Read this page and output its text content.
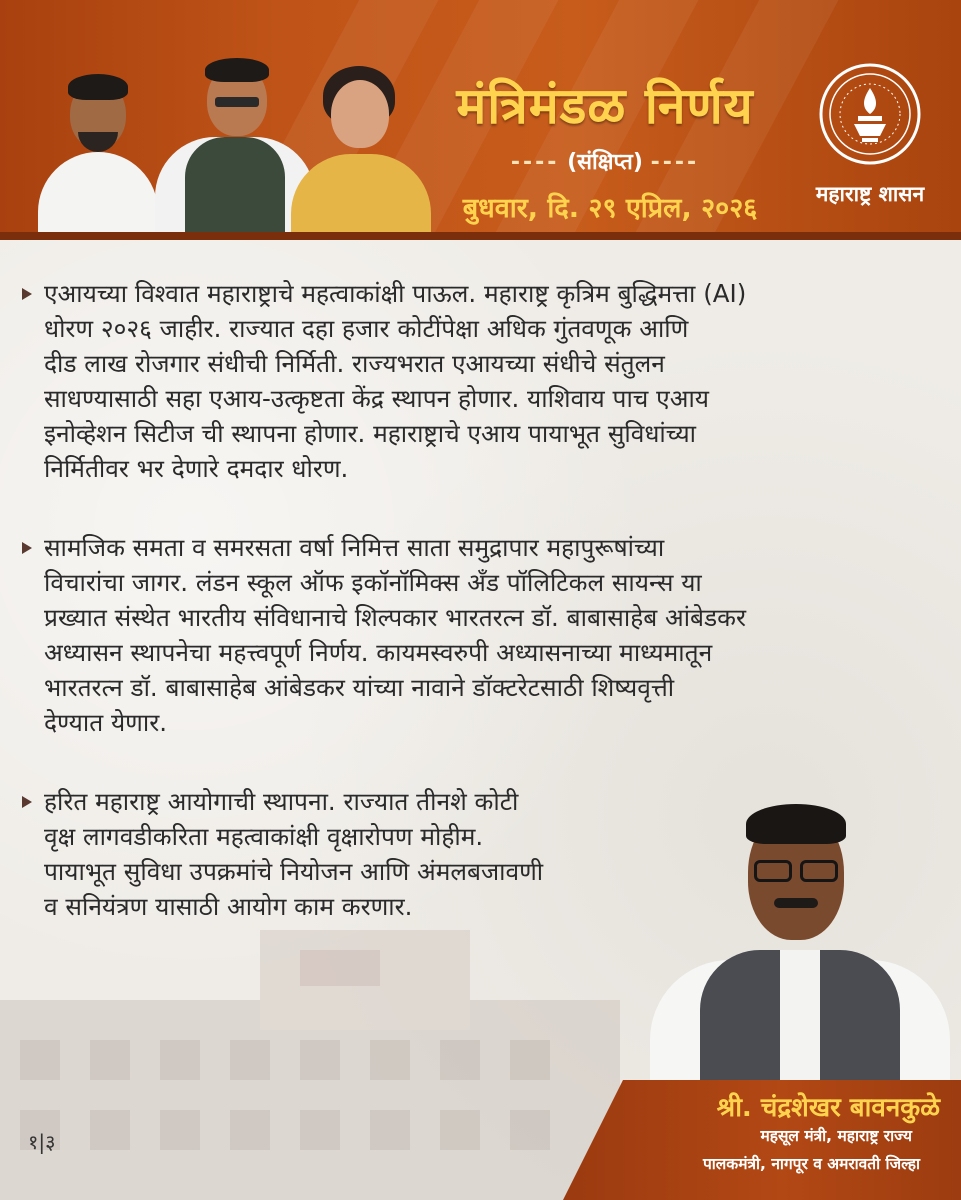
मंत्रिमंडळ निर्णय
---- (संक्षिप्त) ----
बुधवार, दि. २९ एप्रिल, २०२६	महाराष्ट्र शासन
एआयच्या विश्वात महाराष्ट्राचे महत्वाकांक्षी पाऊल. महाराष्ट्र कृत्रिम बुद्धिमत्ता (AI)
धोरण २०२६ जाहीर. राज्यात दहा हजार कोटींपेक्षा अधिक गुंतवणूक आणि
दीड लाख रोजगार संधीची निर्मिती. राज्यभरात एआयच्या संधीचे संतुलन
साधण्यासाठी सहा एआय-उत्कृष्टता केंद्र स्थापन होणार. याशिवाय पाच एआय
इनोव्हेशन सिटीज ची स्थापना होणार. महाराष्ट्राचे एआय पायाभूत सुविधांच्या
निर्मितीवर भर देणारे दमदार धोरण.
सामजिक समता व समरसता वर्षा निमित्त साता समुद्रापार महापुरूषांच्या
विचारांचा जागर. लंडन स्कूल ऑफ इकॉनॉमिक्स अँड पॉलिटिकल सायन्स या
प्रख्यात संस्थेत भारतीय संविधानाचे शिल्पकार भारतरत्न डॉ. बाबासाहेब आंबेडकर
अध्यासन स्थापनेचा महत्त्वपूर्ण निर्णय. कायमस्वरुपी अध्यासनाच्या माध्यमातून
भारतरत्न डॉ. बाबासाहेब आंबेडकर यांच्या नावाने डॉक्टरेटसाठी शिष्यवृत्ती
देण्यात येणार.
हरित महाराष्ट्र आयोगाची स्थापना. राज्यात तीनशे कोटी
वृक्ष लागवडीकरिता महत्वाकांक्षी वृक्षारोपण मोहीम.
पायाभूत सुविधा उपक्रमांचे नियोजन आणि अंमलबजावणी
व सनियंत्रण यासाठी आयोग काम करणार.
श्री. चंद्रशेखर बावनकुळे
महसूल मंत्री, महाराष्ट्र राज्य
पालकमंत्री, नागपूर व अमरावती जिल्हा
१|३
